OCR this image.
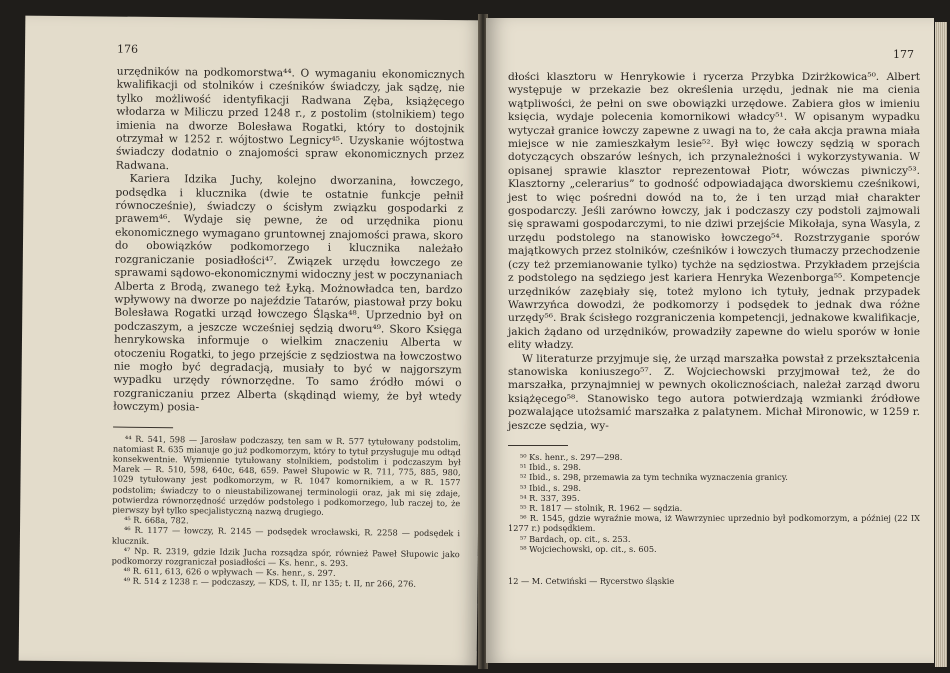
176

urzędników na podkomorstwa⁴⁴. O wymaganiu ekonomicznych kwalifikacji od stolników i cześników świadczy, jak sądzę, nie tylko możliwość identyfikacji Radwana Zęba, książęcego włodarza w Miliczu przed 1248 r., z postolim (stolnikiem) tego imienia na dworze Bolesława Rogatki, który to dostojnik otrzymał w 1252 r. wójtostwo Legnicy⁴⁵. Uzyskanie wójtostwa świadczy dodatnio o znajomości spraw ekonomicznych przez Radwana.

Kariera Idzika Juchy, kolejno dworzanina, łowczego, podsędka i klucznika (dwie te ostatnie funkcje pełnił równocześnie), świadczy o ścisłym związku gospodarki z prawem⁴⁶. Wydaje się pewne, że od urzędnika pionu ekonomicznego wymagano gruntownej znajomości prawa, skoro do obowiązków podkomorzego i klucznika należało rozgraniczanie posiadłości⁴⁷. Związek urzędu łowczego ze sprawami sądowo-ekonomicznymi widoczny jest w poczynaniach Alberta z Brodą, zwanego też Łyką. Możnowładca ten, bardzo wpływowy na dworze po najeździe Tatarów, piastował przy boku Bolesława Rogatki urząd łowczego Śląska⁴⁸. Uprzednio był on podczaszym, a jeszcze wcześniej sędzią dworu⁴⁹. Skoro Księga henrykowska informuje o wielkim znaczeniu Alberta w otoczeniu Rogatki, to jego przejście z sędziostwa na łowczostwo nie mogło być degradacją, musiały to być w najgorszym wypadku urzędy równorzędne. To samo źródło mówi o rozgraniczaniu przez Alberta (skądinąd wiemy, że był wtedy łowczym) posia-

⁴⁴ R. 541, 598 — Jarosław podczaszy, ten sam w R. 577 tytułowany podstolim, natomiast R. 635 mianuje go już podkomorzym, który to tytuł przysługuje mu odtąd konsekwentnie. Wymiennie tytułowany stolnikiem, podstolim i podczaszym był Marek — R. 510, 598, 640c, 648, 659. Paweł Słupowic w R. 711, 775, 885, 980, 1029 tytułowany jest podkomorzym, w R. 1047 komornikiem, a w R. 1577 podstolim; świadczy to o nieustabilizowanej terminologii oraz, jak mi się zdaje, potwierdza równorzędność urzędów podstolego i podkomorzego, lub raczej to, że pierwszy był tylko specjalistyczną nazwą drugiego.

⁴⁵ R. 668a, 782.

⁴⁶ R. 1177 — łowczy, R. 2145 — podsędek wrocławski, R. 2258 — podsędek i klucznik.

⁴⁷ Np. R. 2319, gdzie Idzik Jucha rozsądza spór, również Paweł Słupowic jako podkomorzy rozgraniczał posiadłości — Ks. henr., s. 293.

⁴⁸ R. 611, 613, 626 o wpływach — Ks. henr., s. 297.

⁴⁹ R. 514 z 1238 r. — podczaszy, — KDS, t. II, nr 135; t. II, nr 266, 276.

177

dłości klasztoru w Henrykowie i rycerza Przybka Dzirżkowica⁵⁰. Albert występuje w przekazie bez określenia urzędu, jednak nie ma cienia wątpliwości, że pełni on swe obowiązki urzędowe. Zabiera głos w imieniu księcia, wydaje polecenia komornikowi władcy⁵¹. W opisanym wypadku wytyczał granice łowczy zapewne z uwagi na to, że cała akcja prawna miała miejsce w nie zamieszkałym lesie⁵². Był więc łowczy sędzią w sporach dotyczących obszarów leśnych, ich przynależności i wykorzystywania. W opisanej sprawie klasztor reprezentował Piotr, wówczas piwniczy⁵³. Klasztorny „celerarius” to godność odpowiadająca dworskiemu cześnikowi, jest to więc pośredni dowód na to, że i ten urząd miał charakter gospodarczy. Jeśli zarówno łowczy, jak i podczaszy czy podstoli zajmowali się sprawami gospodarczymi, to nie dziwi przejście Mikołaja, syna Wasyla, z urzędu podstolego na stanowisko łowczego⁵⁴. Rozstrzyganie sporów majątkowych przez stolników, cześników i łowczych tłumaczy przechodzenie (czy też przemianowanie tylko) tychże na sędziostwa. Przykładem przejścia z podstolego na sędziego jest kariera Henryka Wezenborga⁵⁵. Kompetencje urzędników zazębiały się, toteż mylono ich tytuły, jednak przypadek Wawrzyńca dowodzi, że podkomorzy i podsędek to jednak dwa różne urzędy⁵⁶. Brak ścisłego rozgraniczenia kompetencji, jednakowe kwalifikacje, jakich żądano od urzędników, prowadziły zapewne do wielu sporów w łonie elity władzy.

W literaturze przyjmuje się, że urząd marszałka powstał z przekształcenia stanowiska koniuszego⁵⁷. Z. Wojciechowski przyjmował też, że do marszałka, przynajmniej w pewnych okolicznościach, należał zarząd dworu książęcego⁵⁸. Stanowisko tego autora potwierdzają wzmianki źródłowe pozwalające utożsamić marszałka z palatynem. Michał Mironowic, w 1259 r. jeszcze sędzia, wy-

⁵⁰ Ks. henr., s. 297—298.

⁵¹ Ibid., s. 298.

⁵² Ibid., s. 298, przemawia za tym technika wyznaczenia granicy.

⁵³ Ibid., s. 298.

⁵⁴ R. 337, 395.

⁵⁵ R. 1817 — stolnik, R. 1962 — sędzia.

⁵⁶ R. 1545, gdzie wyraźnie mowa, iż Wawrzyniec uprzednio był podkomorzym, a później (22 IX 1277 r.) podsędkiem.

⁵⁷ Bardach, op. cit., s. 253.

⁵⁸ Wojciechowski, op. cit., s. 605.

12 — M. Cetwiński — Rycerstwo śląskie
